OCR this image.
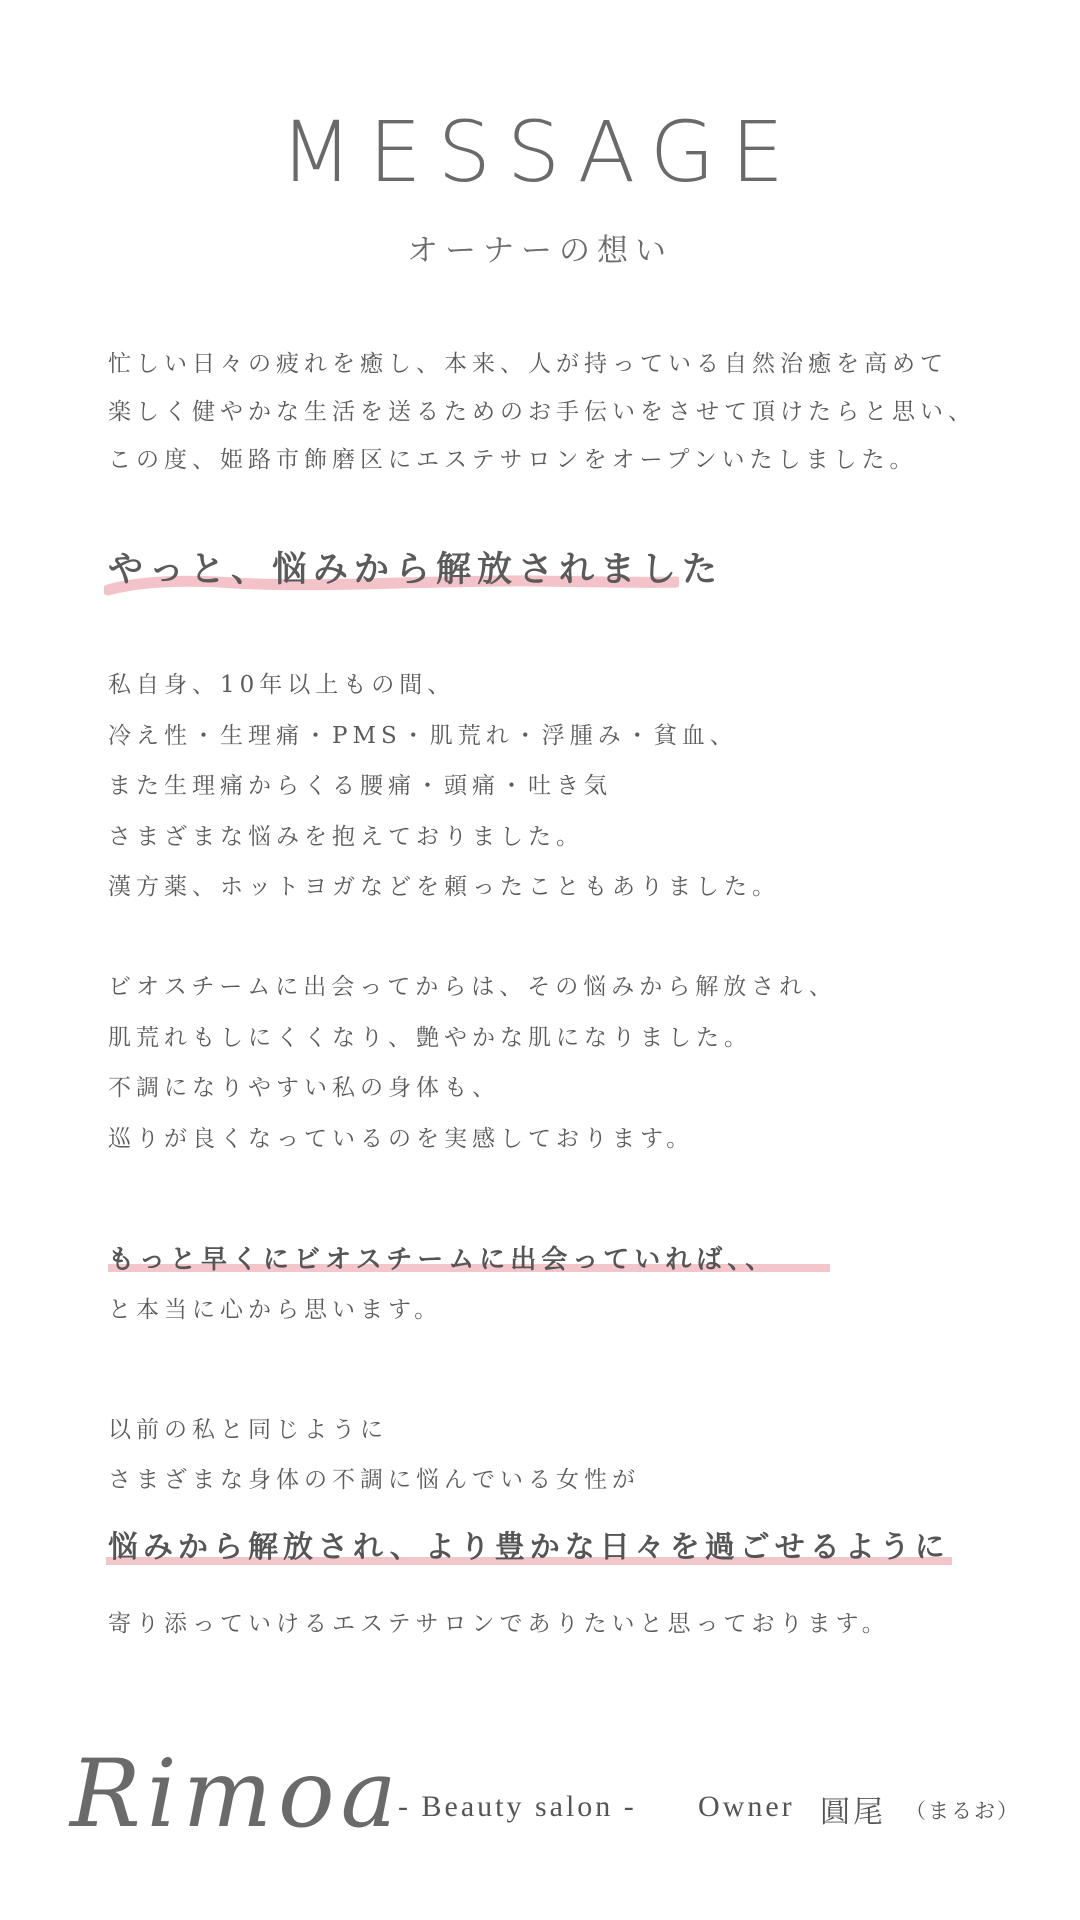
MESSAGE
オーナーの想い

忙しい日々の疲れを癒し、本来、人が持っている自然治癒を高めて

楽しく健やかな生活を送るためのお手伝いをさせて頂けたらと思い、

この度、姫路市飾磨区にエステサロンをオープンいたしました。

やっと、悩みから解放されました

私自身、10年以上もの間、

冷え性・生理痛・PMS・肌荒れ・浮腫み・貧血、

また生理痛からくる腰痛・頭痛・吐き気

さまざまな悩みを抱えておりました。

漢方薬、ホットヨガなどを頼ったこともありました。

ビオスチームに出会ってからは、その悩みから解放され、

肌荒れもしにくくなり、艶やかな肌になりました。

不調になりやすい私の身体も、

巡りが良くなっているのを実感しております。

もっと早くにビオスチームに出会っていれば、、

と本当に心から思います。

以前の私と同じように

さまざまな身体の不調に悩んでいる女性が

悩みから解放され、より豊かな日々を過ごせるように

寄り添っていけるエステサロンでありたいと思っております。

Rimoa
- Beauty salon - Owner 圓尾 （まるお）
